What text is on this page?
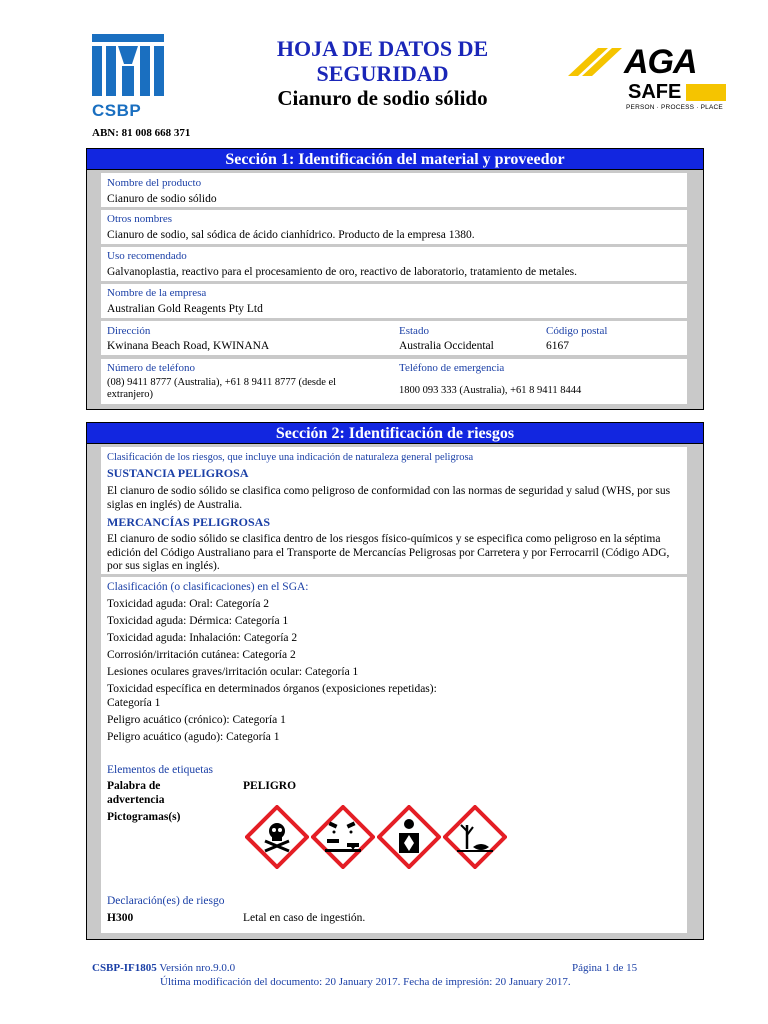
CSBP
HOJA DE DATOS DE
SEGURIDAD
Cianuro de sodio sólido
AGA
SAFE
PERSON · PROCESS · PLACE
ABN: 81 008 668 371
Sección 1: Identificación del material y proveedor
Nombre del producto
Cianuro de sodio sólido
Otros nombres
Cianuro de sodio, sal sódica de ácido cianhídrico. Producto de la empresa 1380.
Uso recomendado
Galvanoplastia, reactivo para el procesamiento de oro, reactivo de laboratorio, tratamiento de metales.
Nombre de la empresa
Australian Gold Reagents Pty Ltd
Dirección
Kwinana Beach Road, KWINANA
Estado
Australia Occidental
Código postal
6167
Número de teléfono
(08) 9411 8777 (Australia), +61 8 9411 8777 (desde el extranjero)
Teléfono de emergencia
1800 093 333 (Australia), +61 8 9411 8444
Sección 2: Identificación de riesgos
Clasificación de los riesgos, que incluye una indicación de naturaleza general peligrosa
SUSTANCIA PELIGROSA
El cianuro de sodio sólido se clasifica como peligroso de conformidad con las normas de seguridad y salud (WHS, por sus siglas en inglés) de Australia.
MERCANCÍAS PELIGROSAS
El cianuro de sodio sólido se clasifica dentro de los riesgos físico-químicos y se especifica como peligroso en la séptima edición del Código Australiano para el Transporte de Mercancías Peligrosas por Carretera y por Ferrocarril (Código ADG, por sus siglas en inglés).
Clasificación (o clasificaciones) en el SGA:
Toxicidad aguda: Oral: Categoría 2
Toxicidad aguda: Dérmica: Categoría 1
Toxicidad aguda: Inhalación: Categoría 2
Corrosión/irritación cutánea: Categoría 2
Lesiones oculares graves/irritación ocular: Categoría 1
Toxicidad específica en determinados órganos (exposiciones repetidas):
Categoría 1
Peligro acuático (crónico): Categoría 1
Peligro acuático (agudo): Categoría 1
Elementos de etiquetas
Palabra de advertencia
PELIGRO
Pictogramas(s)
Declaración(es) de riesgo
H300	Letal en caso de ingestión.
CSBP-IF1805 Versión nro.9.0.0	Página 1 de 15
Última modificación del documento: 20 January 2017. Fecha de impresión: 20 January 2017.
